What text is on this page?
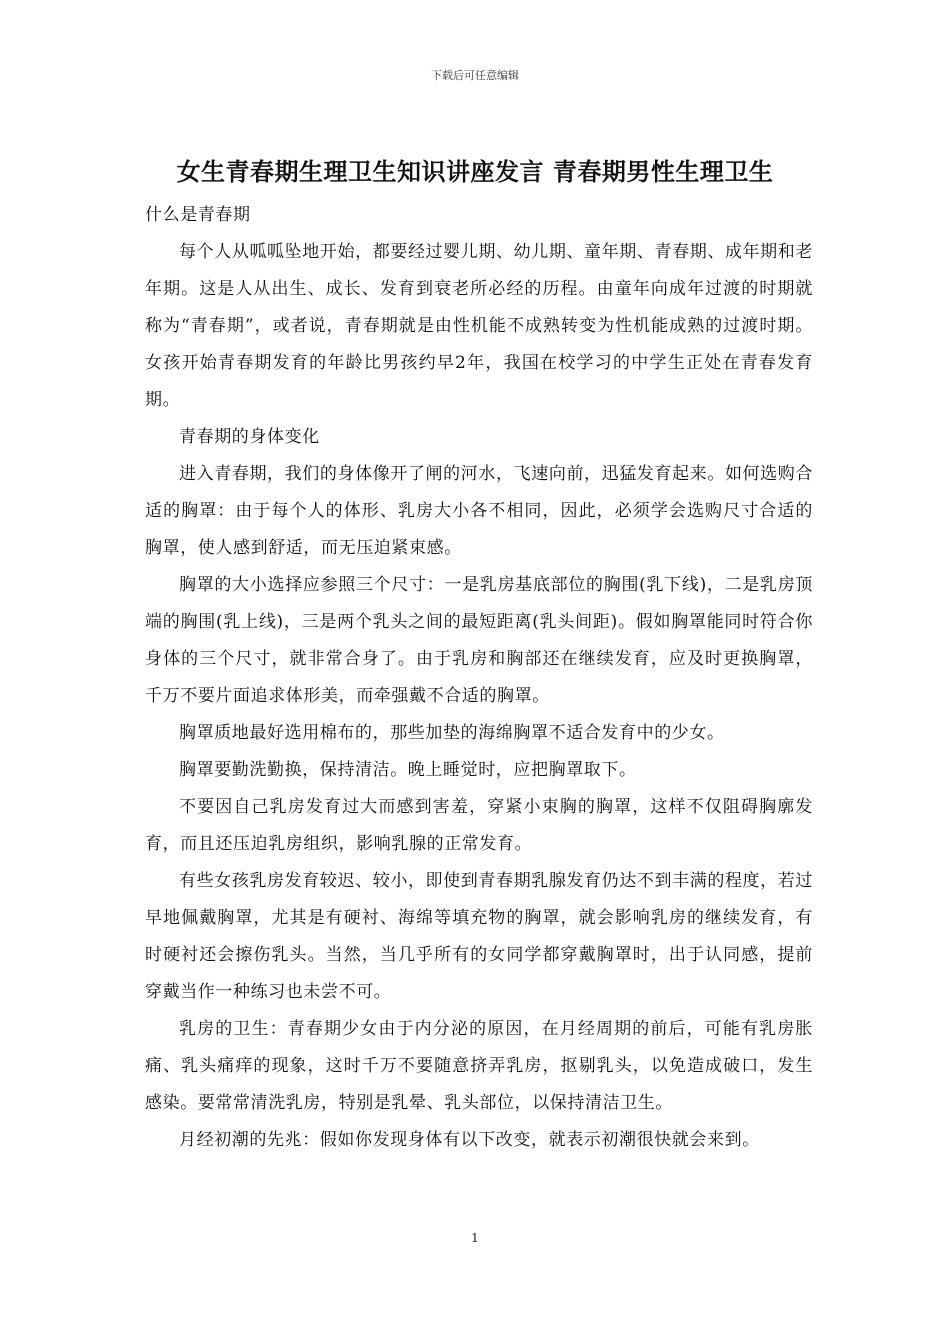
下载后可任意编辑
女生青春期生理卫生知识讲座发言 青春期男性生理卫生

什么是青春期

每个人从呱呱坠地开始，都要经过婴儿期、幼儿期、童年期、青春期、成年期和老年期。这是人从出生、成长、发育到衰老所必经的历程。由童年向成年过渡的时期就称为“青春期”，或者说，青春期就是由性机能不成熟转变为性机能成熟的过渡时期。女孩开始青春期发育的年龄比男孩约早2年，我国在校学习的中学生正处在青春发育期。

青春期的身体变化

进入青春期，我们的身体像开了闸的河水，飞速向前，迅猛发育起来。如何选购合适的胸罩：由于每个人的体形、乳房大小各不相同，因此，必须学会选购尺寸合适的胸罩，使人感到舒适，而无压迫紧束感。

胸罩的大小选择应参照三个尺寸：一是乳房基底部位的胸围(乳下线)，二是乳房顶端的胸围(乳上线)，三是两个乳头之间的最短距离(乳头间距)。假如胸罩能同时符合你身体的三个尺寸，就非常合身了。由于乳房和胸部还在继续发育，应及时更换胸罩，千万不要片面追求体形美，而牵强戴不合适的胸罩。

胸罩质地最好选用棉布的，那些加垫的海绵胸罩不适合发育中的少女。

胸罩要勤洗勤换，保持清洁。晚上睡觉时，应把胸罩取下。

不要因自己乳房发育过大而感到害羞，穿紧小束胸的胸罩，这样不仅阻碍胸廓发育，而且还压迫乳房组织，影响乳腺的正常发育。

有些女孩乳房发育较迟、较小，即使到青春期乳腺发育仍达不到丰满的程度，若过早地佩戴胸罩，尤其是有硬衬、海绵等填充物的胸罩，就会影响乳房的继续发育，有时硬衬还会擦伤乳头。当然，当几乎所有的女同学都穿戴胸罩时，出于认同感，提前穿戴当作一种练习也未尝不可。

乳房的卫生：青春期少女由于内分泌的原因，在月经周期的前后，可能有乳房胀痛、乳头痛痒的现象，这时千万不要随意挤弄乳房，抠剔乳头，以免造成破口，发生感染。要常常清洗乳房，特别是乳晕、乳头部位，以保持清洁卫生。

月经初潮的先兆：假如你发现身体有以下改变，就表示初潮很快就会来到。

1
